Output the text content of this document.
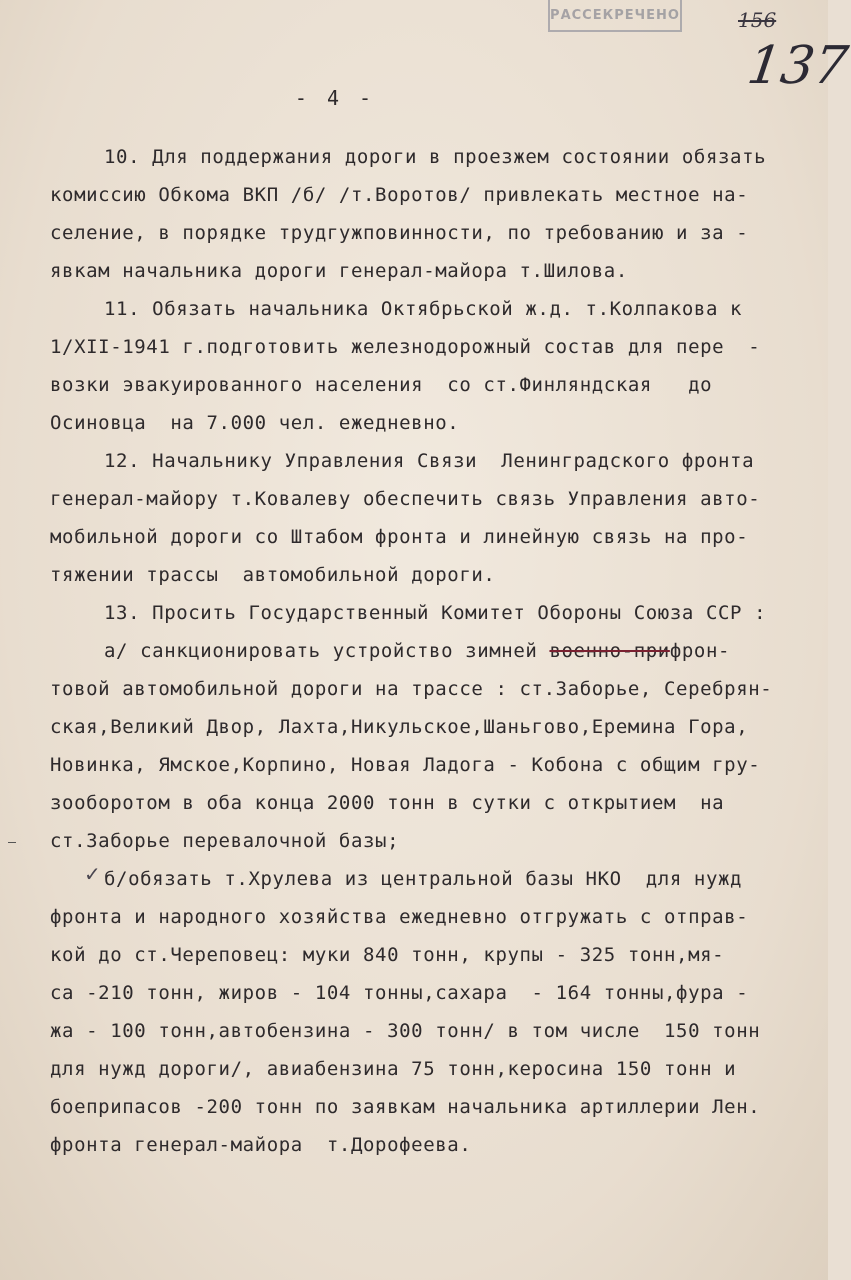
РАССЕКРЕЧЕНО	156
137
- 4 -
10. Для поддержания дороги в проезжем состоянии обязать
комиссию Обкома ВКП /б/ /т.Воротов/ привлекать местное на-
селение, в порядке трудгужповинности, по требованию и за -
явкам начальника дороги генерал-майора т.Шилова.
11. Обязать начальника Октябрьской ж.д. т.Колпакова к
1/XII-1941 г.подготовить железнодорожный состав для пере  -
возки эвакуированного населения  со ст.Финляндская   до
Осиновца  на 7.000 чел. ежедневно.
12. Начальнику Управления Связи  Ленинградского фронта
генерал-майору т.Ковалеву обеспечить связь Управления авто-
мобильной дороги со Штабом фронта и линейную связь на про-
тяжении трассы  автомобильной дороги.
13. Просить Государственный Комитет Обороны Союза ССР :
а/ санкционировать устройство зимней военно-прифрон-
товой автомобильной дороги на трассе : ст.Заборье, Серебрян-
ская,Великий Двор, Лахта,Никульское,Шаньгово,Еремина Гора,
Новинка, Ямское,Корпино, Новая Ладога - Кобона с общим гру-
зооборотом в оба конца 2000 тонн в сутки с открытием  на
ст.Заборье перевалочной базы;
✓ б/обязать т.Хрулева из центральной базы НКО  для нужд
фронта и народного хозяйства ежедневно отгружать с отправ-
кой до ст.Череповец: муки 840 тонн, крупы - 325 тонн,мя-
са -210 тонн, жиров - 104 тонны,сахара  - 164 тонны,фура -
жа - 100 тонн,автобензина - 300 тонн/ в том числе  150 тонн
для нужд дороги/, авиабензина 75 тонн,керосина 150 тонн и
боеприпасов -200 тонн по заявкам начальника артиллерии Лен.
фронта генерал-майора  т.Дорофеева.
